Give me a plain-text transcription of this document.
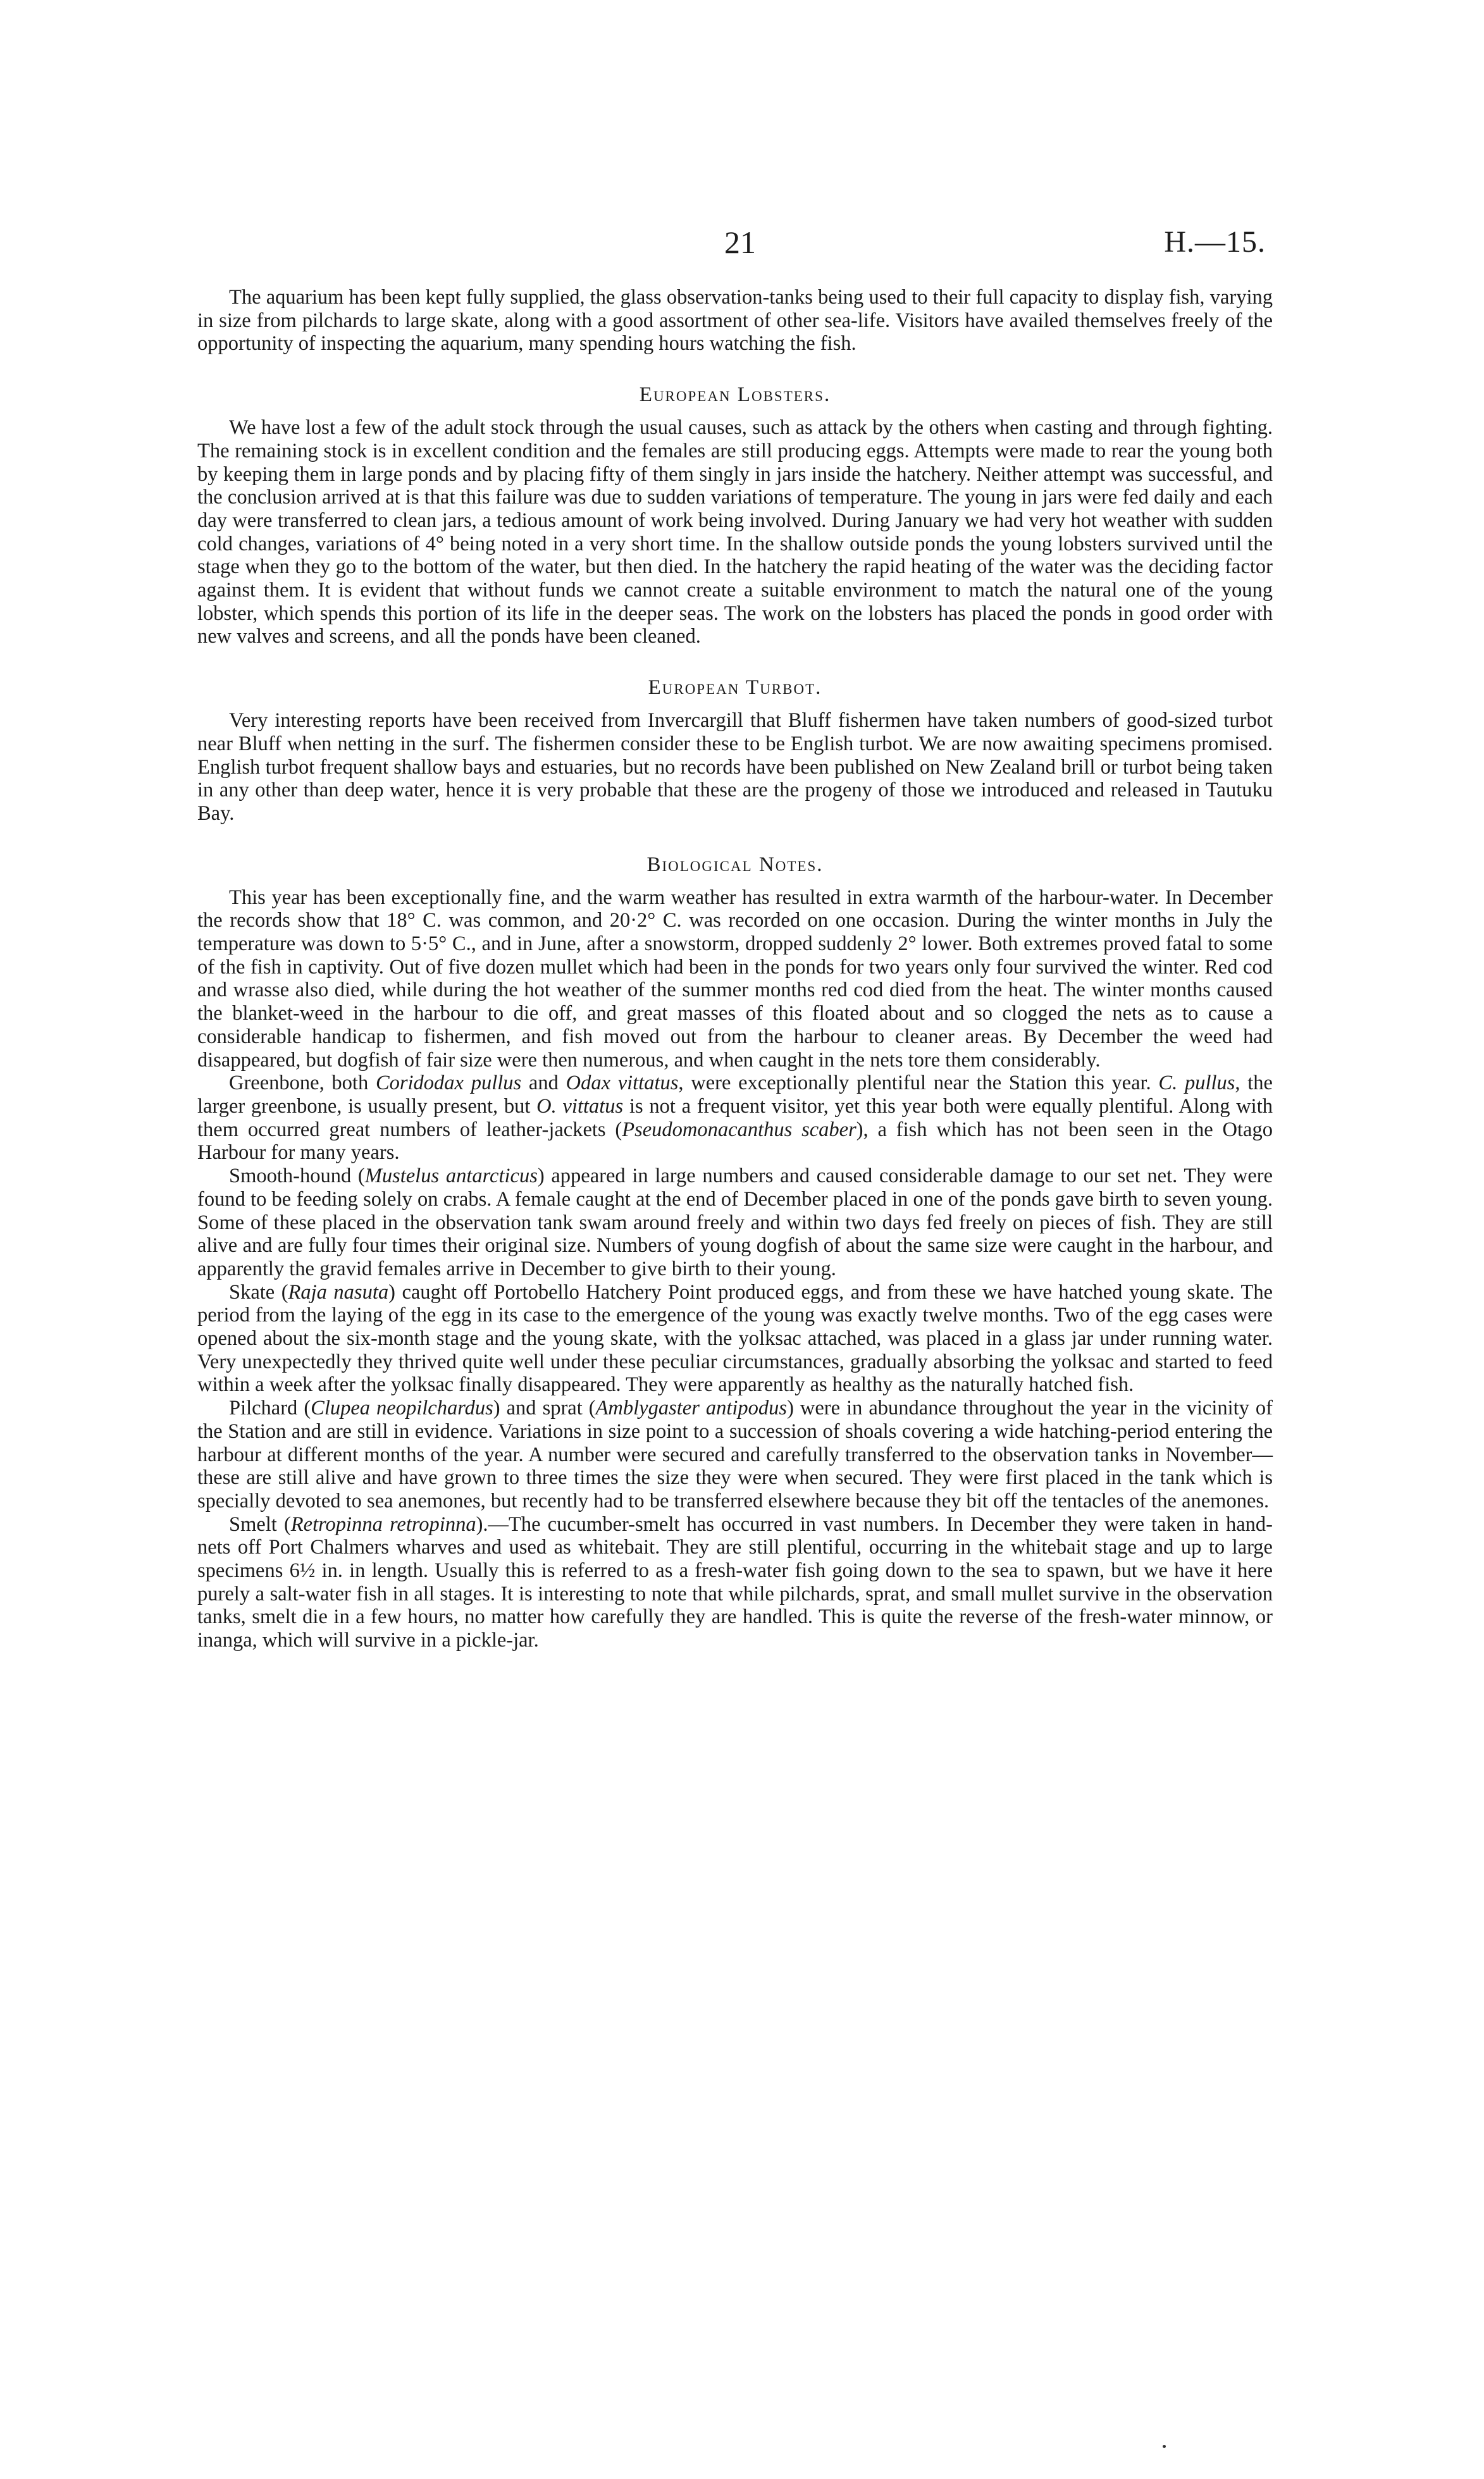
21	H.—15.

The aquarium has been kept fully supplied, the glass observation-tanks being used to their full capacity to display fish, varying in size from pilchards to large skate, along with a good assortment of other sea-life. Visitors have availed themselves freely of the opportunity of inspecting the aquarium, many spending hours watching the fish.

European Lobsters.

We have lost a few of the adult stock through the usual causes, such as attack by the others when casting and through fighting. The remaining stock is in excellent condition and the females are still producing eggs. Attempts were made to rear the young both by keeping them in large ponds and by placing fifty of them singly in jars inside the hatchery. Neither attempt was successful, and the conclusion arrived at is that this failure was due to sudden variations of temperature. The young in jars were fed daily and each day were transferred to clean jars, a tedious amount of work being involved. During January we had very hot weather with sudden cold changes, variations of 4° being noted in a very short time. In the shallow outside ponds the young lobsters survived until the stage when they go to the bottom of the water, but then died. In the hatchery the rapid heating of the water was the deciding factor against them. It is evident that without funds we cannot create a suitable environment to match the natural one of the young lobster, which spends this portion of its life in the deeper seas. The work on the lobsters has placed the ponds in good order with new valves and screens, and all the ponds have been cleaned.

European Turbot.

Very interesting reports have been received from Invercargill that Bluff fishermen have taken numbers of good-sized turbot near Bluff when netting in the surf. The fishermen consider these to be English turbot. We are now awaiting specimens promised. English turbot frequent shallow bays and estuaries, but no records have been published on New Zealand brill or turbot being taken in any other than deep water, hence it is very probable that these are the progeny of those we introduced and released in Tautuku Bay.

Biological Notes.

This year has been exceptionally fine, and the warm weather has resulted in extra warmth of the harbour-water. In December the records show that 18° C. was common, and 20·2° C. was recorded on one occasion. During the winter months in July the temperature was down to 5·5° C., and in June, after a snowstorm, dropped suddenly 2° lower. Both extremes proved fatal to some of the fish in captivity. Out of five dozen mullet which had been in the ponds for two years only four survived the winter. Red cod and wrasse also died, while during the hot weather of the summer months red cod died from the heat. The winter months caused the blanket-weed in the harbour to die off, and great masses of this floated about and so clogged the nets as to cause a considerable handicap to fishermen, and fish moved out from the harbour to cleaner areas. By December the weed had disappeared, but dogfish of fair size were then numerous, and when caught in the nets tore them considerably.

Greenbone, both Coridodax pullus and Odax vittatus, were exceptionally plentiful near the Station this year. C. pullus, the larger greenbone, is usually present, but O. vittatus is not a frequent visitor, yet this year both were equally plentiful. Along with them occurred great numbers of leather-jackets (Pseudomonacanthus scaber), a fish which has not been seen in the Otago Harbour for many years.

Smooth-hound (Mustelus antarcticus) appeared in large numbers and caused considerable damage to our set net. They were found to be feeding solely on crabs. A female caught at the end of December placed in one of the ponds gave birth to seven young. Some of these placed in the observation tank swam around freely and within two days fed freely on pieces of fish. They are still alive and are fully four times their original size. Numbers of young dogfish of about the same size were caught in the harbour, and apparently the gravid females arrive in December to give birth to their young.

Skate (Raja nasuta) caught off Portobello Hatchery Point produced eggs, and from these we have hatched young skate. The period from the laying of the egg in its case to the emergence of the young was exactly twelve months. Two of the egg cases were opened about the six-month stage and the young skate, with the yolksac attached, was placed in a glass jar under running water. Very unexpectedly they thrived quite well under these peculiar circumstances, gradually absorbing the yolksac and started to feed within a week after the yolksac finally disappeared. They were apparently as healthy as the naturally hatched fish.

Pilchard (Clupea neopilchardus) and sprat (Amblygaster antipodus) were in abundance throughout the year in the vicinity of the Station and are still in evidence. Variations in size point to a succession of shoals covering a wide hatching-period entering the harbour at different months of the year. A number were secured and carefully transferred to the observation tanks in November—these are still alive and have grown to three times the size they were when secured. They were first placed in the tank which is specially devoted to sea anemones, but recently had to be transferred elsewhere because they bit off the tentacles of the anemones.

Smelt (Retropinna retropinna).—The cucumber-smelt has occurred in vast numbers. In December they were taken in hand-nets off Port Chalmers wharves and used as whitebait. They are still plentiful, occurring in the whitebait stage and up to large specimens 6½ in. in length. Usually this is referred to as a fresh-water fish going down to the sea to spawn, but we have it here purely a salt-water fish in all stages. It is interesting to note that while pilchards, sprat, and small mullet survive in the observation tanks, smelt die in a few hours, no matter how carefully they are handled. This is quite the reverse of the fresh-water minnow, or inanga, which will survive in a pickle-jar.
